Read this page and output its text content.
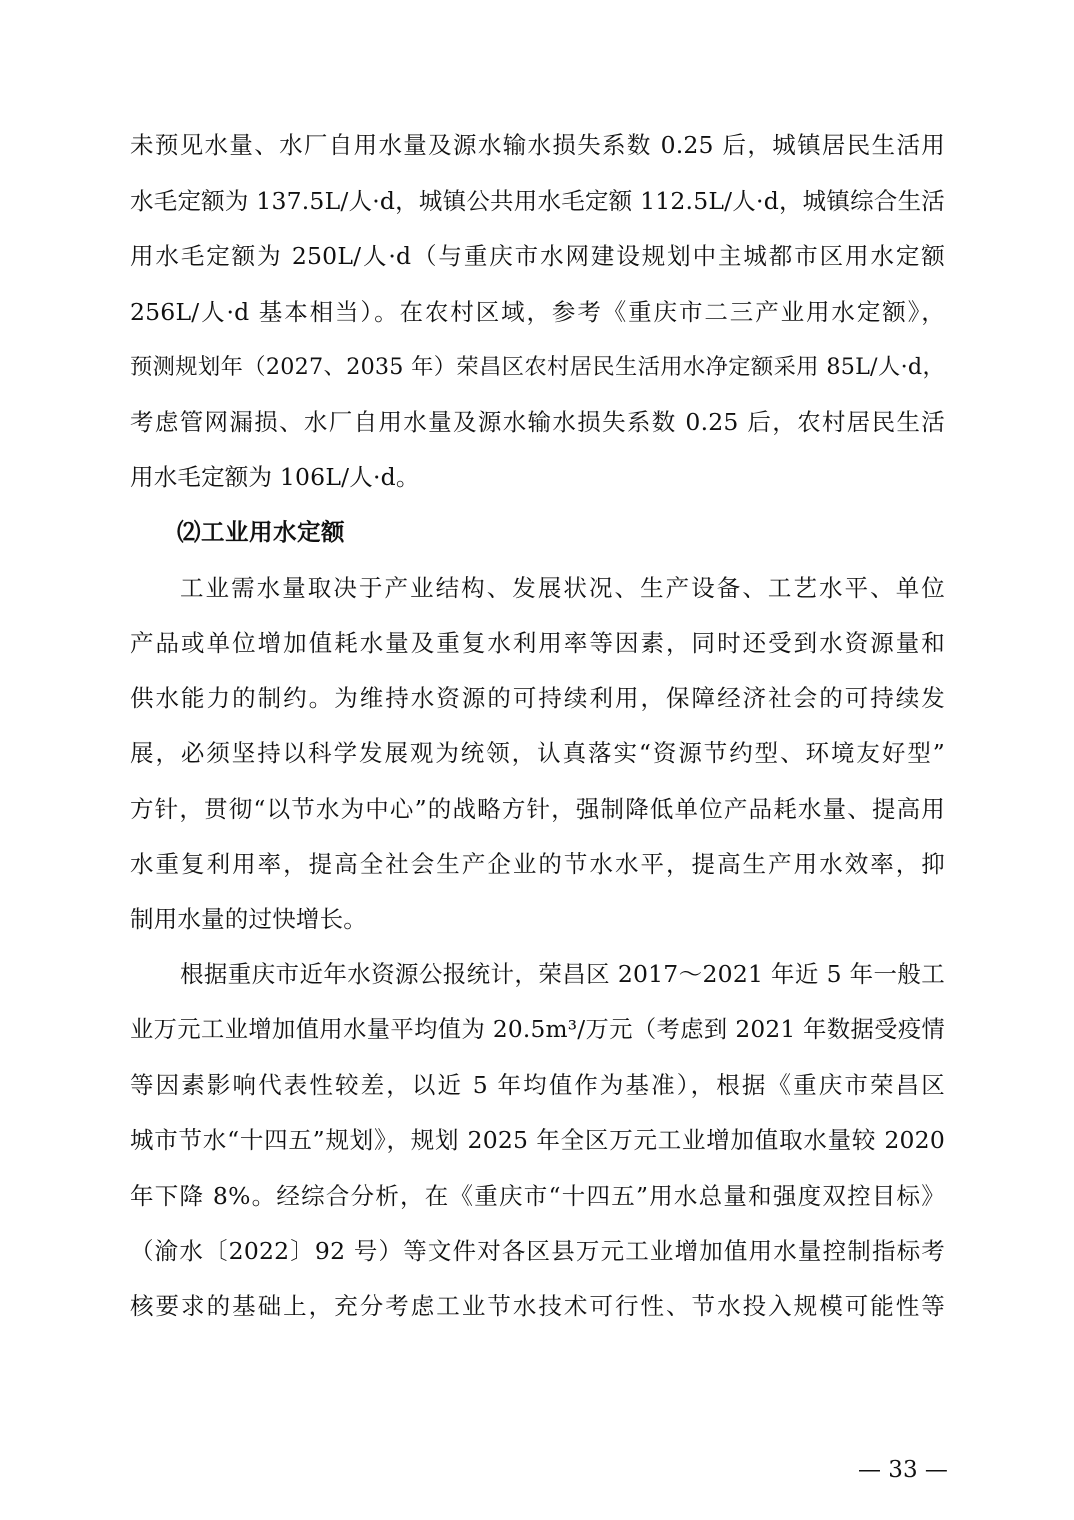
未预见水量、水厂自用水量及源水输水损失系数 0.25 后，城镇居民生活用
水毛定额为 137.5L/人·d，城镇公共用水毛定额 112.5L/人·d，城镇综合生活
用水毛定额为 250L/人·d（与重庆市水网建设规划中主城都市区用水定额
256L/人·d 基本相当）。在农村区域，参考《重庆市二三产业用水定额》，
预测规划年（2027、2035 年）荣昌区农村居民生活用水净定额采用 85L/人·d，
考虑管网漏损、水厂自用水量及源水输水损失系数 0.25 后，农村居民生活
用水毛定额为 106L/人·d。
⑵工业用水定额
工业需水量取决于产业结构、发展状况、生产设备、工艺水平、单位
产品或单位增加值耗水量及重复水利用率等因素，同时还受到水资源量和
供水能力的制约。为维持水资源的可持续利用，保障经济社会的可持续发
展，必须坚持以科学发展观为统领，认真落实“资源节约型、环境友好型”
方针，贯彻“以节水为中心”的战略方针，强制降低单位产品耗水量、提高用
水重复利用率，提高全社会生产企业的节水水平，提高生产用水效率，抑
制用水量的过快增长。
根据重庆市近年水资源公报统计，荣昌区 2017～2021 年近 5 年一般工
业万元工业增加值用水量平均值为 20.5m³/万元（考虑到 2021 年数据受疫情
等因素影响代表性较差，以近 5 年均值作为基准），根据《重庆市荣昌区
城市节水“十四五”规划》，规划 2025 年全区万元工业增加值取水量较 2020
年下降 8%。经综合分析，在《重庆市“十四五”用水总量和强度双控目标》
（渝水〔2022〕92 号）等文件对各区县万元工业增加值用水量控制指标考
核要求的基础上，充分考虑工业节水技术可行性、节水投入规模可能性等
— 33 —
